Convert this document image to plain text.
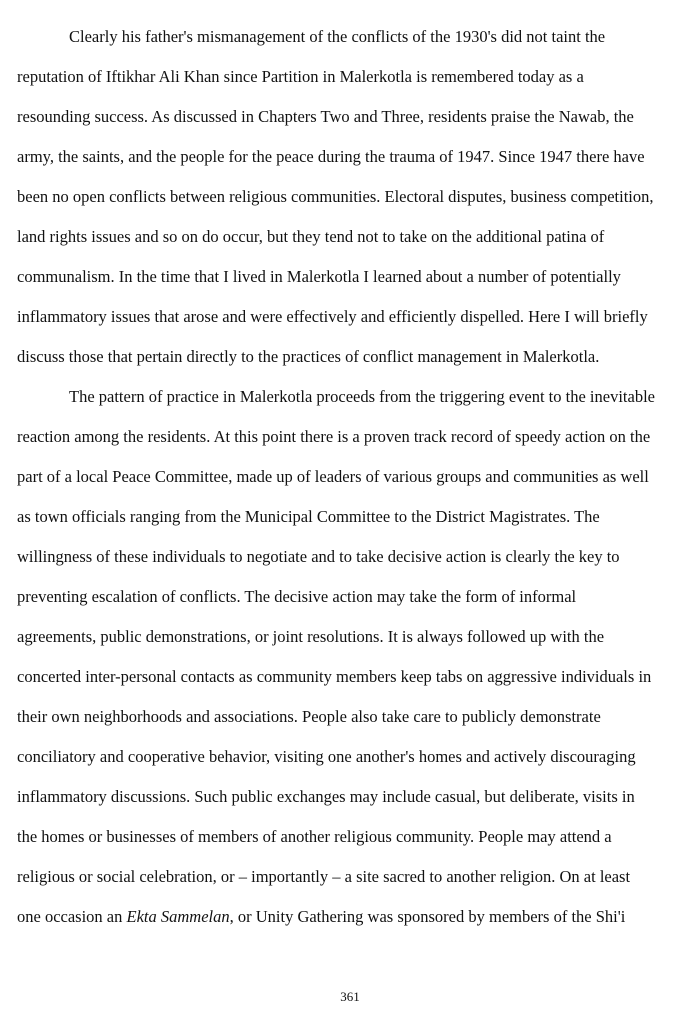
Clearly his father's mismanagement of the conflicts of the 1930's did not taint the
reputation of Iftikhar Ali Khan since Partition in Malerkotla is remembered today as a
resounding success. As discussed in Chapters Two and Three, residents praise the Nawab, the
army, the saints, and the people for the peace during the trauma of 1947. Since 1947 there have
been no open conflicts between religious communities. Electoral disputes, business competition,
land rights issues and so on do occur, but they tend not to take on the additional patina of
communalism. In the time that I lived in Malerkotla I learned about a number of potentially
inflammatory issues that arose and were effectively and efficiently dispelled. Here I will briefly
discuss those that pertain directly to the practices of conflict management in Malerkotla.
The pattern of practice in Malerkotla proceeds from the triggering event to the inevitable
reaction among the residents. At this point there is a proven track record of speedy action on the
part of a local Peace Committee, made up of leaders of various groups and communities as well
as town officials ranging from the Municipal Committee to the District Magistrates. The
willingness of these individuals to negotiate and to take decisive action is clearly the key to
preventing escalation of conflicts. The decisive action may take the form of informal
agreements, public demonstrations, or joint resolutions. It is always followed up with the
concerted inter-personal contacts as community members keep tabs on aggressive individuals in
their own neighborhoods and associations. People also take care to publicly demonstrate
conciliatory and cooperative behavior, visiting one another's homes and actively discouraging
inflammatory discussions. Such public exchanges may include casual, but deliberate, visits in
the homes or businesses of members of another religious community. People may attend a
religious or social celebration, or – importantly – a site sacred to another religion. On at least
one occasion an Ekta Sammelan, or Unity Gathering was sponsored by members of the Shi'i
361
